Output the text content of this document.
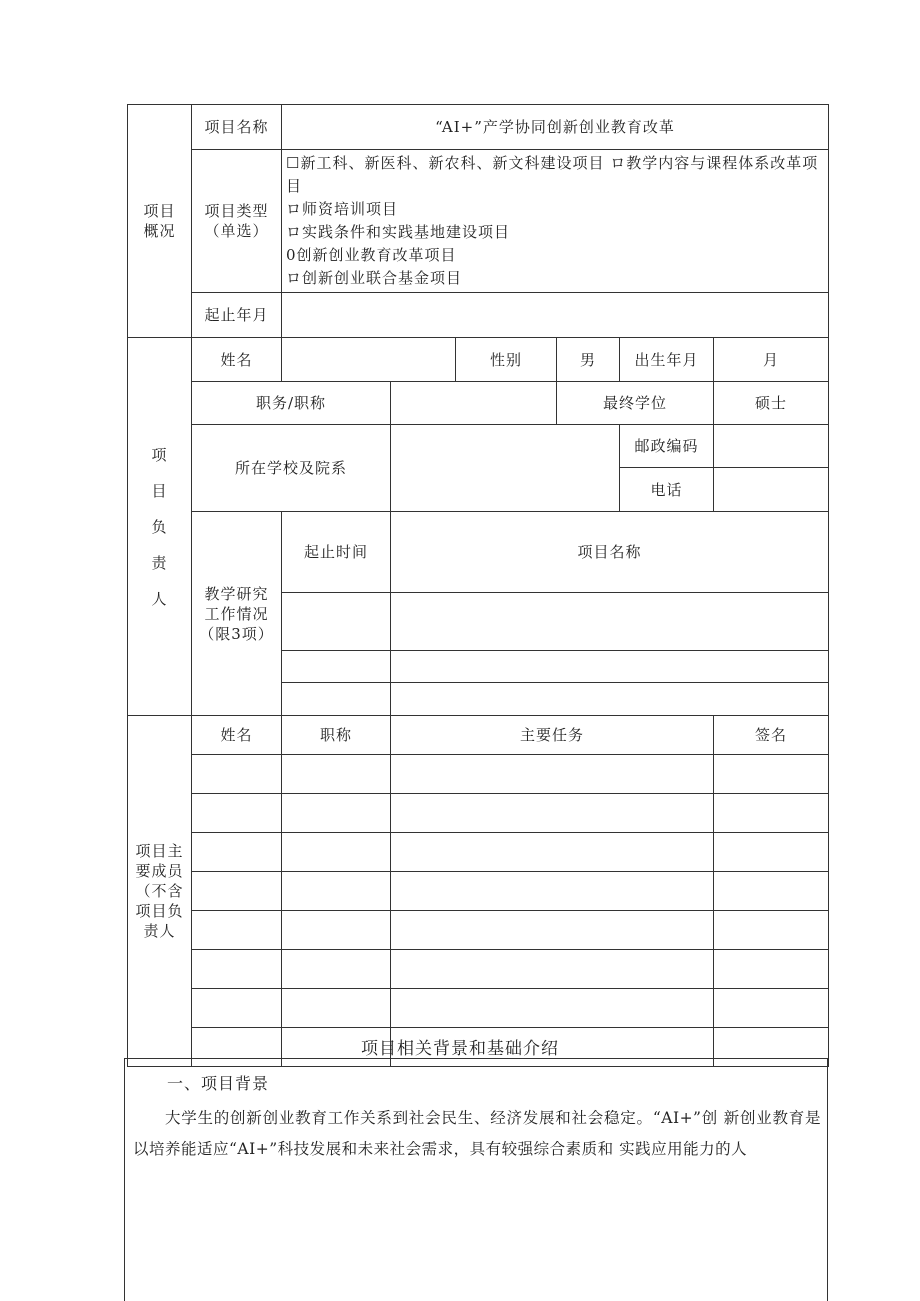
项目概况	项目名称	“AI+”产学协同创新创业教育改革						
	项目类型（单选）	☐新工科、新医科、新农科、新文科建设项目 ロ教学内容与课程体系改革项目
ロ师资培训项目
ロ实践条件和实践基地建设项目
0创新创业教育改革项目
ロ创新创业联合基金项目						

	起止年月							
项目负责人	姓名			性别	男	出生年月	月	
	职务/职称				最终学位		硕士	
	所在学校及院系					邮政编码		
						电话		
	教学研究工作情况（限3项）	起止时间	项目名称	

项目主要成员（不含项目负责人	姓名	职称	主要任务				签名	

项目相关背景和基础介绍
一、项目背景
大学生的创新创业教育工作关系到社会民生、经济发展和社会稳定。“AI+”创 新创业教育是以培养能适应“AI+”科技发展和未来社会需求，具有较强综合素质和 实践应用能力的人
